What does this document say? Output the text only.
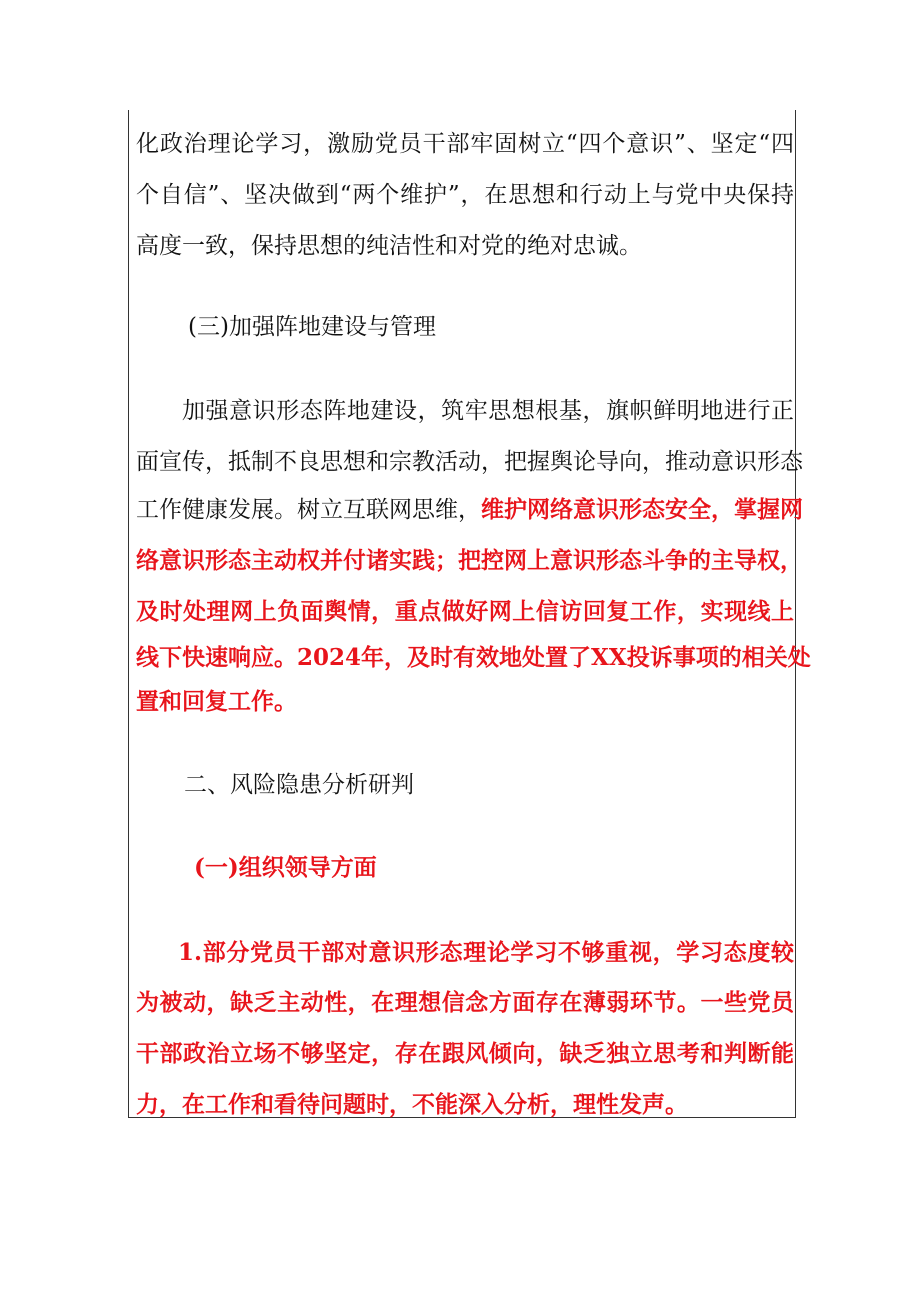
化政治理论学习，激励党员干部牢固树立“四个意识”、坚定“四
个自信”、坚决做到“两个维护”，在思想和行动上与党中央保持
高度一致，保持思想的纯洁性和对党的绝对忠诚。
(三)加强阵地建设与管理
加强意识形态阵地建设，筑牢思想根基，旗帜鲜明地进行正
面宣传，抵制不良思想和宗教活动，把握舆论导向，推动意识形态
工作健康发展。树立互联网思维，维护网络意识形态安全，掌握网
络意识形态主动权并付诸实践；把控网上意识形态斗争的主导权，
及时处理网上负面舆情，重点做好网上信访回复工作，实现线上
线下快速响应。2024年，及时有效地处置了XX投诉事项的相关处
置和回复工作。
二、风险隐患分析研判
(一)组织领导方面
1.部分党员干部对意识形态理论学习不够重视，学习态度较
为被动，缺乏主动性，在理想信念方面存在薄弱环节。一些党员
干部政治立场不够坚定，存在跟风倾向，缺乏独立思考和判断能
力，在工作和看待问题时，不能深入分析，理性发声。
